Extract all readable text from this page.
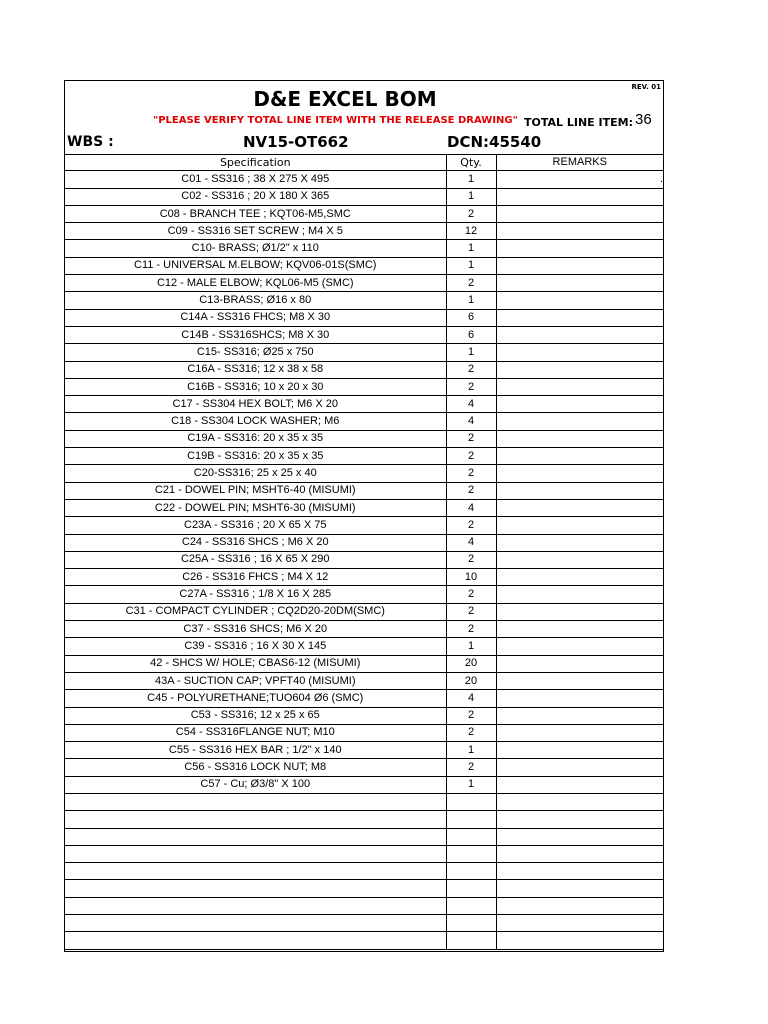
D&E EXCEL BOM	REV. 01
"PLEASE VERIFY TOTAL LINE ITEM WITH THE RELEASE DRAWING" TOTAL LINE ITEM: 36
WBS :	NV15-OT662	DCN:45540
Specification	Qty.	REMARKS
C01 - SS316 ; 38 X 275 X 495	1	.
C02 - SS316 ; 20 X 180 X 365	1	
C08 - BRANCH TEE ; KQT06-M5,SMC	2	
C09 - SS316 SET SCREW ; M4 X 5	12	
C10- BRASS; Ø1/2" x 110	1	
C11 - UNIVERSAL M.ELBOW; KQV06-01S(SMC)	1	
C12 - MALE ELBOW; KQL06-M5 (SMC)	2	
C13-BRASS; Ø16 x 80	1	
C14A - SS316 FHCS; M8 X 30	6	
C14B - SS316SHCS; M8 X 30	6	
C15- SS316; Ø25 x 750	1	
C16A - SS316; 12 x 38 x 58	2	
C16B - SS316; 10 x 20 x 30	2	
C17 - SS304 HEX BOLT; M6 X 20	4	
C18 - SS304 LOCK WASHER; M6	4	
C19A - SS316: 20 x 35 x 35	2	
C19B - SS316: 20 x 35 x 35	2	
C20-SS316; 25 x 25 x 40	2	
C21 - DOWEL PIN; MSHT6-40 (MISUMI)	2	
C22 - DOWEL PIN; MSHT6-30 (MISUMI)	4	
C23A - SS316 ; 20 X 65 X 75	2	
C24 - SS316 SHCS ; M6 X 20	4	
C25A - SS316 ; 16 X 65 X 290	2	
C26 - SS316 FHCS ; M4 X 12	10	
C27A - SS316 ; 1/8 X 16 X 285	2	
C31 - COMPACT CYLINDER ; CQ2D20-20DM(SMC)	2	
C37 - SS316 SHCS; M6 X 20	2	
C39 - SS316 ; 16 X 30 X 145	1	
42 - SHCS W/ HOLE; CBAS6-12 (MISUMI)	20	
43A - SUCTION CAP; VPFT40 (MISUMI)	20	
C45 - POLYURETHANE;TUO604 Ø6 (SMC)	4	
C53 - SS316; 12 x 25 x 65	2	
C54 - SS316FLANGE NUT; M10	2	
C55 - SS316 HEX BAR ; 1/2" x 140	1	
C56 - SS316 LOCK NUT; M8	2	
C57 - Cu; Ø3/8" X 100	1	
